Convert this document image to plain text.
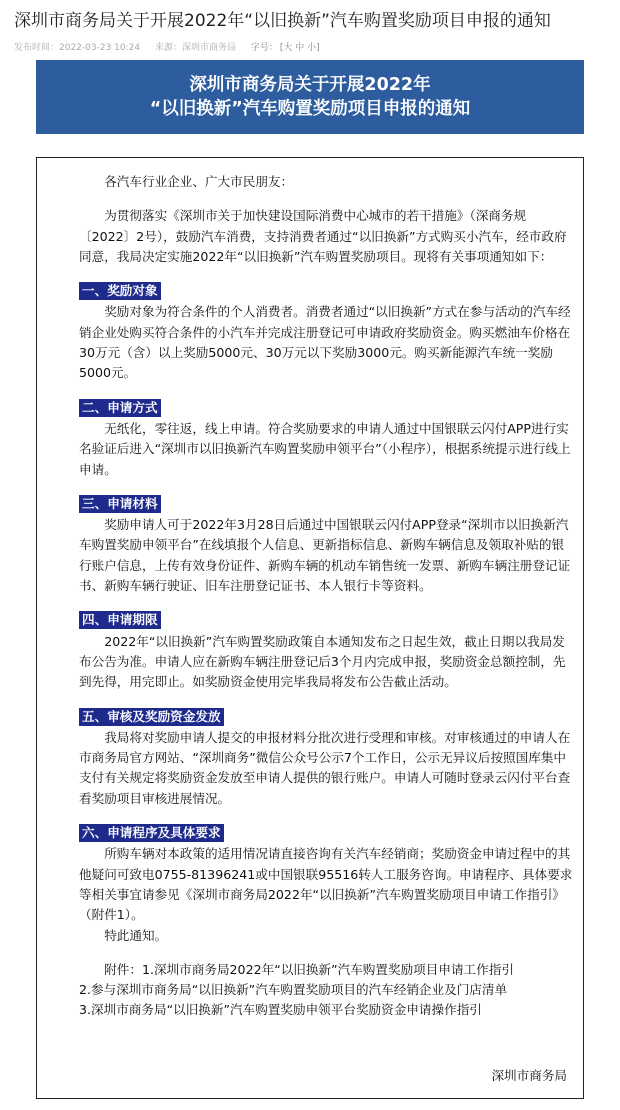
深圳市商务局关于开展2022年“以旧换新”汽车购置奖励项目申报的通知
发布时间：2022-03-23 10:24 来源：深圳市商务局 字号： [大 中 小]
深圳市商务局关于开展2022年
“以旧换新”汽车购置奖励项目申报的通知

各汽车行业企业、广大市民朋友：

为贯彻落实《深圳市关于加快建设国际消费中心城市的若干措施》（深商务规〔2022〕2号），鼓励汽车消费，支持消费者通过“以旧换新”方式购买小汽车，经市政府同意，我局决定实施2022年“以旧换新”汽车购置奖励项目。现将有关事项通知如下：

一、奖励对象

奖励对象为符合条件的个人消费者。消费者通过“以旧换新”方式在参与活动的汽车经销企业处购买符合条件的小汽车并完成注册登记可申请政府奖励资金。购买燃油车价格在30万元（含）以上奖励5000元、30万元以下奖励3000元。购买新能源汽车统一奖励5000元。

二、申请方式

无纸化，零往返，线上申请。符合奖励要求的申请人通过中国银联云闪付APP进行实名验证后进入“深圳市以旧换新汽车购置奖励申领平台”（小程序），根据系统提示进行线上申请。

三、申请材料

奖励申请人可于2022年3月28日后通过中国银联云闪付APP登录“深圳市以旧换新汽车购置奖励申领平台”在线填报个人信息、更新指标信息、新购车辆信息及领取补贴的银行账户信息，上传有效身份证件、新购车辆的机动车销售统一发票、新购车辆注册登记证书、新购车辆行驶证、旧车注册登记证书、本人银行卡等资料。

四、申请期限

2022年“以旧换新”汽车购置奖励政策自本通知发布之日起生效，截止日期以我局发布公告为准。申请人应在新购车辆注册登记后3个月内完成申报，奖励资金总额控制，先到先得，用完即止。如奖励资金使用完毕我局将发布公告截止活动。

五、审核及奖励资金发放

我局将对奖励申请人提交的申报材料分批次进行受理和审核。对审核通过的申请人在市商务局官方网站、“深圳商务”微信公众号公示7个工作日，公示无异议后按照国库集中支付有关规定将奖励资金发放至申请人提供的银行账户。申请人可随时登录云闪付平台查看奖励项目审核进展情况。

六、申请程序及具体要求

所购车辆对本政策的适用情况请直接咨询有关汽车经销商；奖励资金申请过程中的其他疑问可致电0755-81396241或中国银联95516转人工服务咨询。申请程序、具体要求等相关事宜请参见《深圳市商务局2022年“以旧换新”汽车购置奖励项目申请工作指引》（附件1）。

特此通知。

附件：1.深圳市商务局2022年“以旧换新”汽车购置奖励项目申请工作指引

2.参与深圳市商务局“以旧换新”汽车购置奖励项目的汽车经销企业及门店清单

3.深圳市商务局“以旧换新”汽车购置奖励申领平台奖励资金申请操作指引

深圳市商务局
